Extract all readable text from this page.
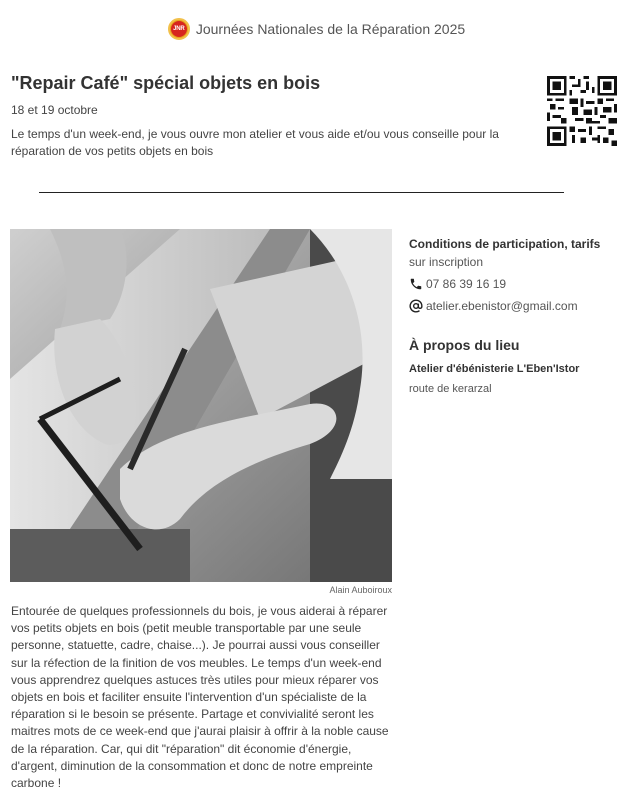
JNR Journées Nationales de la Réparation 2025
"Repair Café" spécial objets en bois
18 et 19 octobre

Le temps d'un week-end, je vous ouvre mon atelier et vous aide et/ou vous conseille pour la réparation de vos petits objets en bois

Alain Auboiroux

Entourée de quelques professionnels du bois, je vous aiderai à réparer vos petits objets en bois (petit meuble transportable par une seule personne, statuette, cadre, chaise...). Je pourrai aussi vous conseiller sur la réfection de la finition de vos meubles. Le temps d'un week-end vous apprendrez quelques astuces très utiles pour mieux réparer vos objets en bois et faciliter ensuite l'intervention d'un spécialiste de la réparation si le besoin se présente. Partage et convivialité seront les maitres mots de ce week-end que j'aurai plaisir à offrir à la noble cause de la réparation. Car, qui dit "réparation" dit économie d'énergie, d'argent, diminution de la consommation et donc de notre empreinte carbone !

Conditions de participation, tarifs
sur inscription
07 86 39 16 19
atelier.ebenistor@gmail.com
À propos du lieu
Atelier d'ébénisterie L'Eben'Istor
route de kerarzal
